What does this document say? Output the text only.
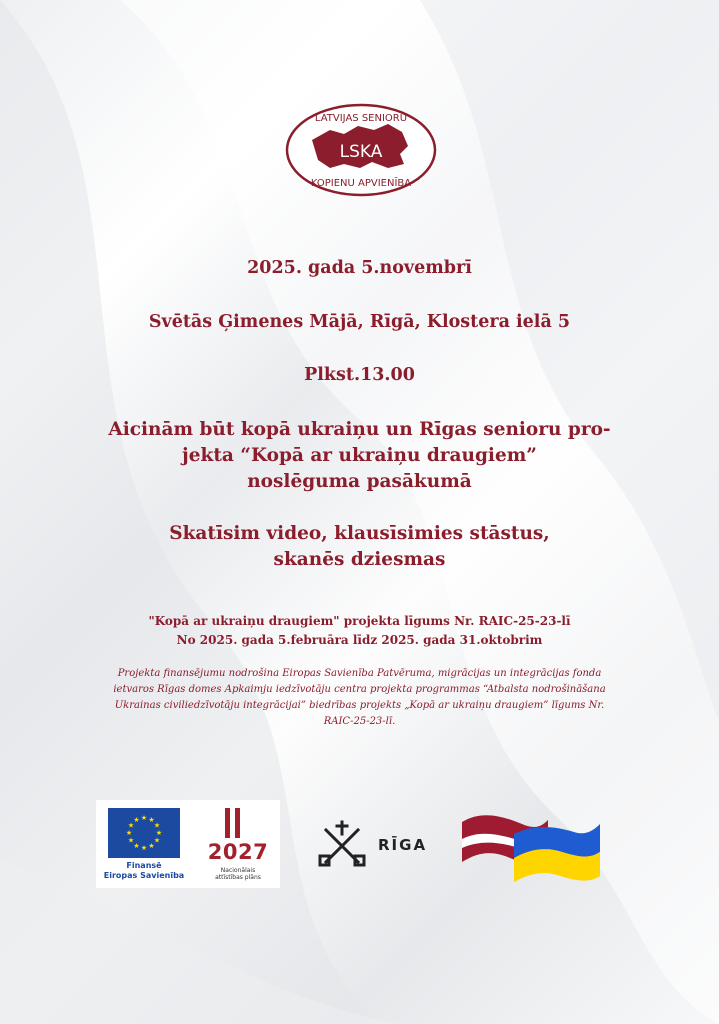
LSKA
LATVIJAS SENIORU
KOPIENU APVIENĪBA
2025. gada 5.novembrī
Svētās Ģimenes Mājā, Rīgā, Klostera ielā 5
Plkst.13.00
Aicinām būt kopā ukraiņu un Rīgas senioru pro-
jekta “Kopā ar ukraiņu draugiem”
noslēguma pasākumā
Skatīsim video, klausīsimies stāstus,
skanēs dziesmas
"Kopā ar ukraiņu draugiem" projekta līgums Nr. RAIC-25-23-lī
No 2025. gada 5.februāra līdz 2025. gada 31.oktobrim
Projekta finansējumu nodrošina Eiropas Savienība Patvēruma, migrācijas un integrācijas fonda
ietvaros Rīgas domes Apkaimju iedzīvotāju centra projekta programmas “Atbalsta nodrošināšana
Ukrainas civiliedzīvotāju integrācijai” biedrības projekts „Kopā ar ukraiņu draugiem” līgums Nr.
RAIC-25-23-lī.
★ ★
★
★
★
★
★
★
★
★
★
★
Finansē
Eiropas Savienība
2027
Nacionālais
attīstības plāns
RĪGA
